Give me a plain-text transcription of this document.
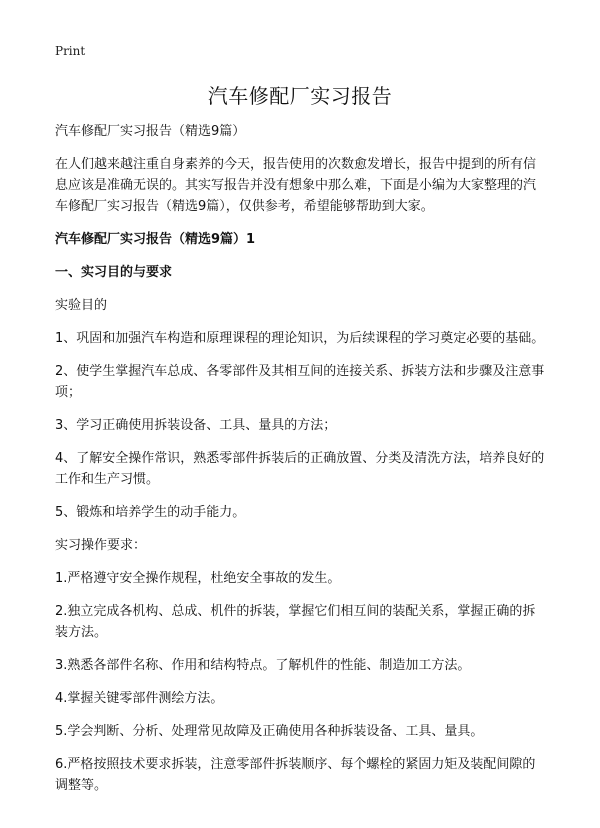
Print
汽车修配厂实习报告

汽车修配厂实习报告（精选9篇）

在人们越来越注重自身素养的今天，报告使用的次数愈发增长，报告中提到的所有信息应该是准确无误的。其实写报告并没有想象中那么难，下面是小编为大家整理的汽车修配厂实习报告（精选9篇），仅供参考，希望能够帮助到大家。

汽车修配厂实习报告（精选9篇）1

一、实习目的与要求

实验目的

1、巩固和加强汽车构造和原理课程的理论知识，为后续课程的学习奠定必要的基础。

2、使学生掌握汽车总成、各零部件及其相互间的连接关系、拆装方法和步骤及注意事项；

3、学习正确使用拆装设备、工具、量具的方法；

4、了解安全操作常识，熟悉零部件拆装后的正确放置、分类及清洗方法，培养良好的工作和生产习惯。

5、锻炼和培养学生的动手能力。

实习操作要求：

1.严格遵守安全操作规程，杜绝安全事故的发生。

2.独立完成各机构、总成、机件的拆装，掌握它们相互间的装配关系，掌握正确的拆装方法。

3.熟悉各部件名称、作用和结构特点。了解机件的性能、制造加工方法。

4.掌握关键零部件测绘方法。

5.学会判断、分析、处理常见故障及正确使用各种拆装设备、工具、量具。

6.严格按照技术要求拆装，注意零部件拆装顺序、每个螺栓的紧固力矩及装配间隙的调整等。
